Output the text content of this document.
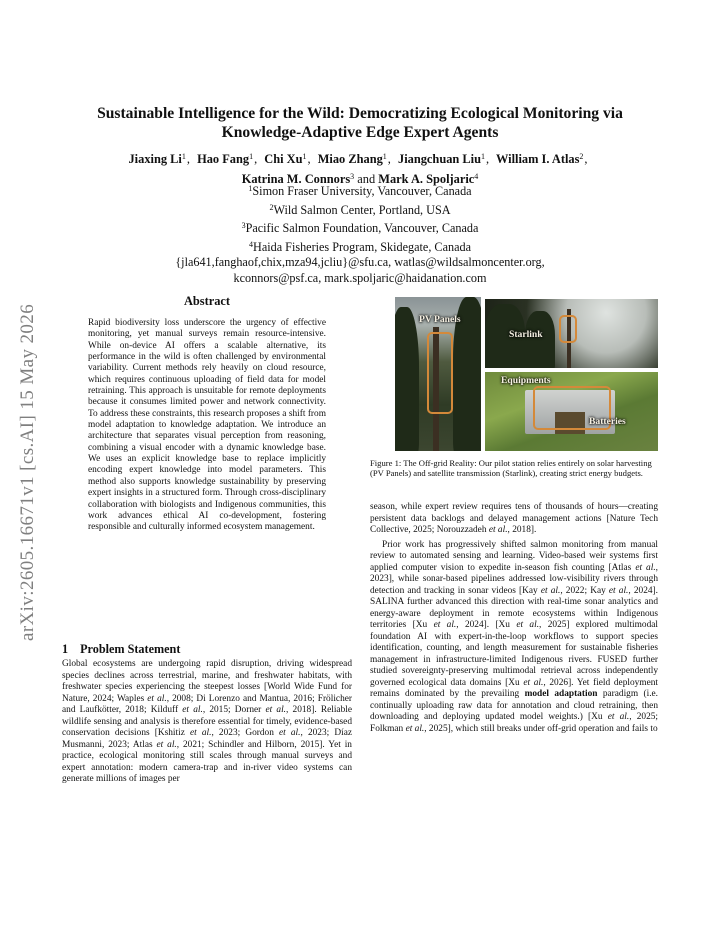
arXiv:2605.16671v1 [cs.AI] 15 May 2026
Sustainable Intelligence for the Wild: Democratizing Ecological Monitoring via
Knowledge-Adaptive Edge Expert Agents
Jiaxing Li$^1$, Hao Fang$^1$, Chi Xu$^1$, Miao Zhang$^1$, Jiangchuan Liu$^1$, William I. Atlas$^2$,
Katrina M. Connors$^3$ and Mark A. Spoljaric$^4$
$^1$Simon Fraser University, Vancouver, Canada
$^2$Wild Salmon Center, Portland, USA
$^3$Pacific Salmon Foundation, Vancouver, Canada
$^4$Haida Fisheries Program, Skidegate, Canada
{jla641,fanghaof,chix,mza94,jcliu}@sfu.ca, watlas@wildsalmoncenter.org,
kconnors@psf.ca, mark.spoljaric@haidanation.com
Abstract
Rapid biodiversity loss underscore the urgency of effective monitoring, yet manual surveys remain resource-intensive. While on-device AI offers a scalable alternative, its performance in the wild is often challenged by environmental variability. Current methods rely heavily on cloud resource, which requires continuous uploading of field data for model retraining. This approach is unsuitable for remote deployments because it consumes limited power and network connectivity. To address these constraints, this research proposes a shift from model adaptation to knowledge adaptation. We introduce an architecture that separates visual perception from reasoning, combining a visual encoder with a dynamic knowledge base. We uses an explicit knowledge base to replace implicitly encoding expert knowledge into model parameters. This method also supports knowledge sustainability by preserving expert insights in a structured form. Through cross-disciplinary collaboration with biologists and Indigenous communities, this work advances ethical AI co-development, fostering responsible and culturally informed ecosystem management.
1 Problem Statement

Global ecosystems are undergoing rapid disruption, driving widespread species declines across terrestrial, marine, and freshwater habitats, with freshwater species experiencing the steepest losses [World Wide Fund for Nature, 2024; Waples et al., 2008; Di Lorenzo and Mantua, 2016; Frölicher and Laufkötter, 2018; Kilduff et al., 2015; Dorner et al., 2018]. Reliable wildlife sensing and analysis is therefore essential for timely, evidence-based conservation decisions [Kshitiz et al., 2023; Gordon et al., 2023; Díaz Musmanni, 2023; Atlas et al., 2021; Schindler and Hilborn, 2015]. Yet in practice, ecological monitoring still scales through manual surveys and expert annotation: modern camera-trap and in-river video systems can generate millions of images per

PV Panels
Starlink
Equipments
Batteries
Figure 1: The Off-grid Reality: Our pilot station relies entirely on solar harvesting (PV Panels) and satellite transmission (Starlink), creating strict energy budgets.

season, while expert review requires tens of thousands of hours—creating persistent data backlogs and delayed management actions [Nature Tech Collective, 2025; Norouzzadeh et al., 2018].

Prior work has progressively shifted salmon monitoring from manual review to automated sensing and learning. Video-based weir systems first applied computer vision to expedite in-season fish counting [Atlas et al., 2023], while sonar-based pipelines addressed low-visibility rivers through detection and tracking in sonar videos [Kay et al., 2022; Kay et al., 2024]. SALINA further advanced this direction with real-time sonar analytics and energy-aware deployment in remote ecosystems within Indigenous territories [Xu et al., 2024]. [Xu et al., 2025] explored multimodal foundation AI with expert-in-the-loop workflows to support species identification, counting, and length measurement for sustainable fisheries management in infrastructure-limited Indigenous rivers. FUSED further studied sovereignty-preserving multimodal retrieval across independently governed ecological data domains [Xu et al., 2026]. Yet field deployment remains dominated by the prevailing model adaptation paradigm (i.e. continually uploading raw data for annotation and cloud retraining, then downloading and deploying updated model weights.) [Xu et al., 2025; Folkman et al., 2025], which still breaks under off-grid operation and fails to
